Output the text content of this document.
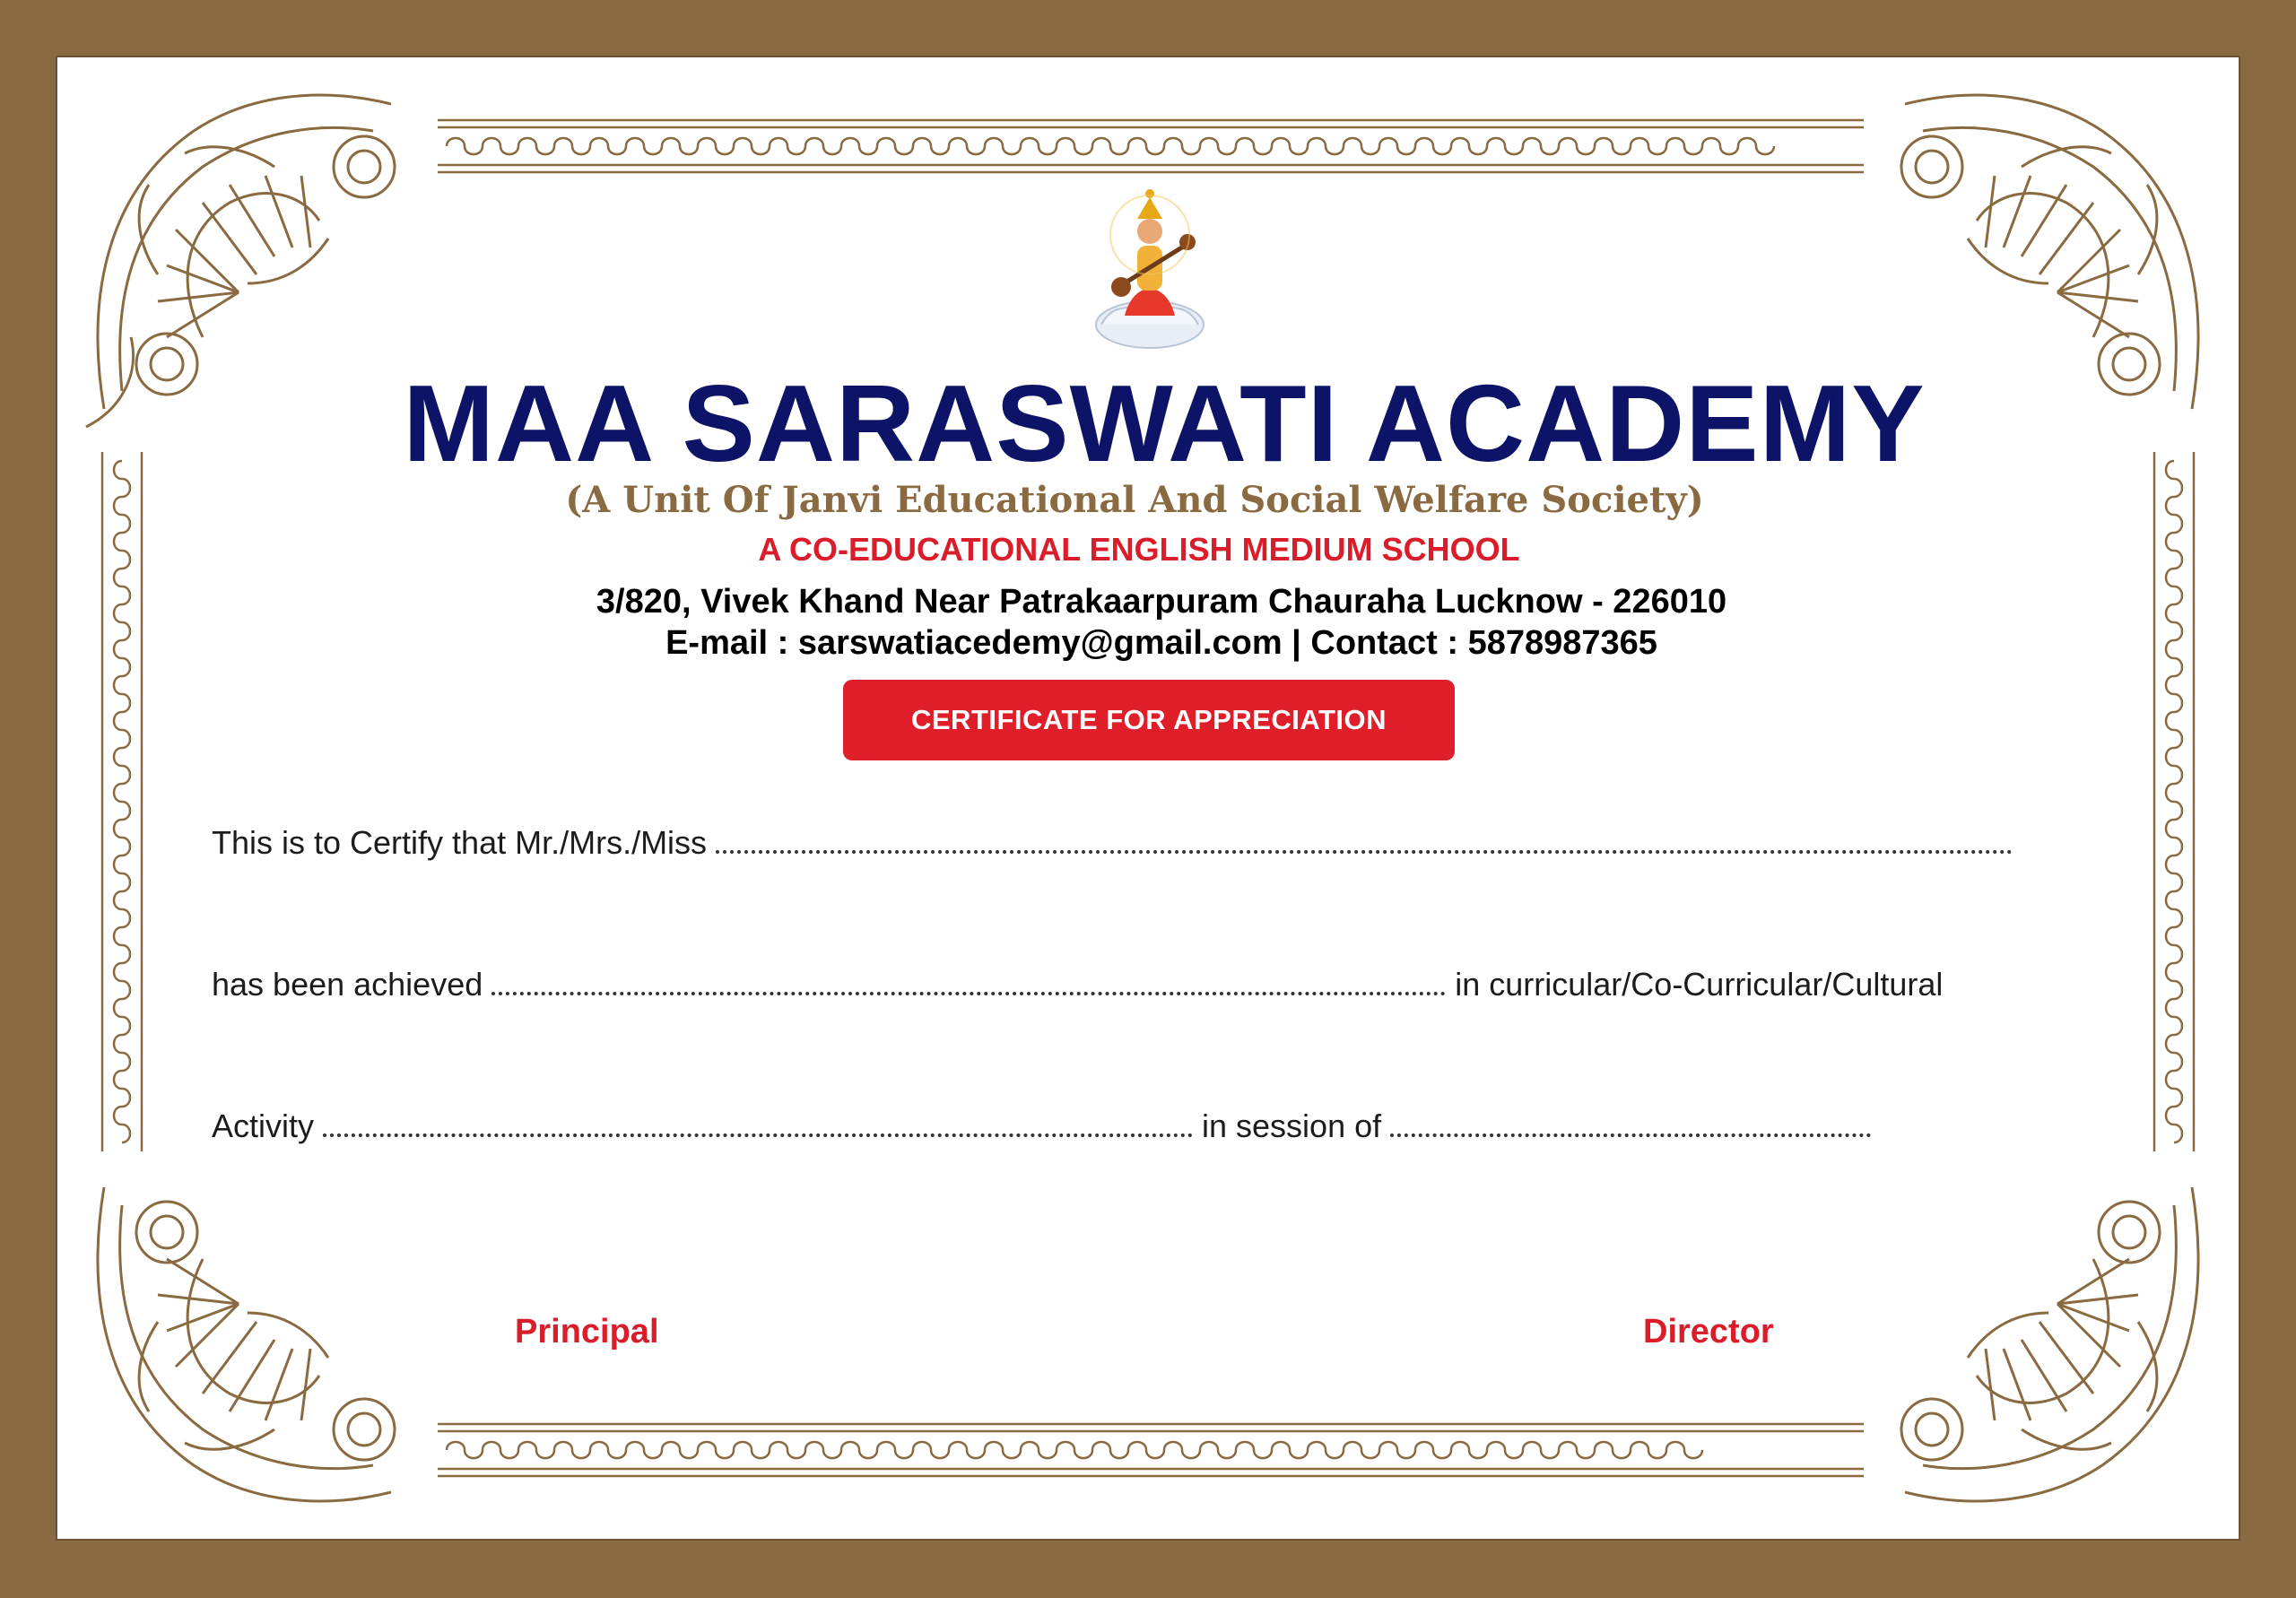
MAA SARASWATI ACADEMY
(A Unit Of Janvi Educational And Social Welfare Society)
A CO-EDUCATIONAL ENGLISH MEDIUM SCHOOL
3/820, Vivek Khand Near Patrakaarpuram Chauraha Lucknow - 226010
E-mail : sarswatiacedemy@gmail.com | Contact : 5878987365
CERTIFICATE FOR APPRECIATION
This is to Certify that Mr./Mrs./Miss
has been achieved	in curricular/Co-Curricular/Cultural
Activity	in session of
Principal	Director
